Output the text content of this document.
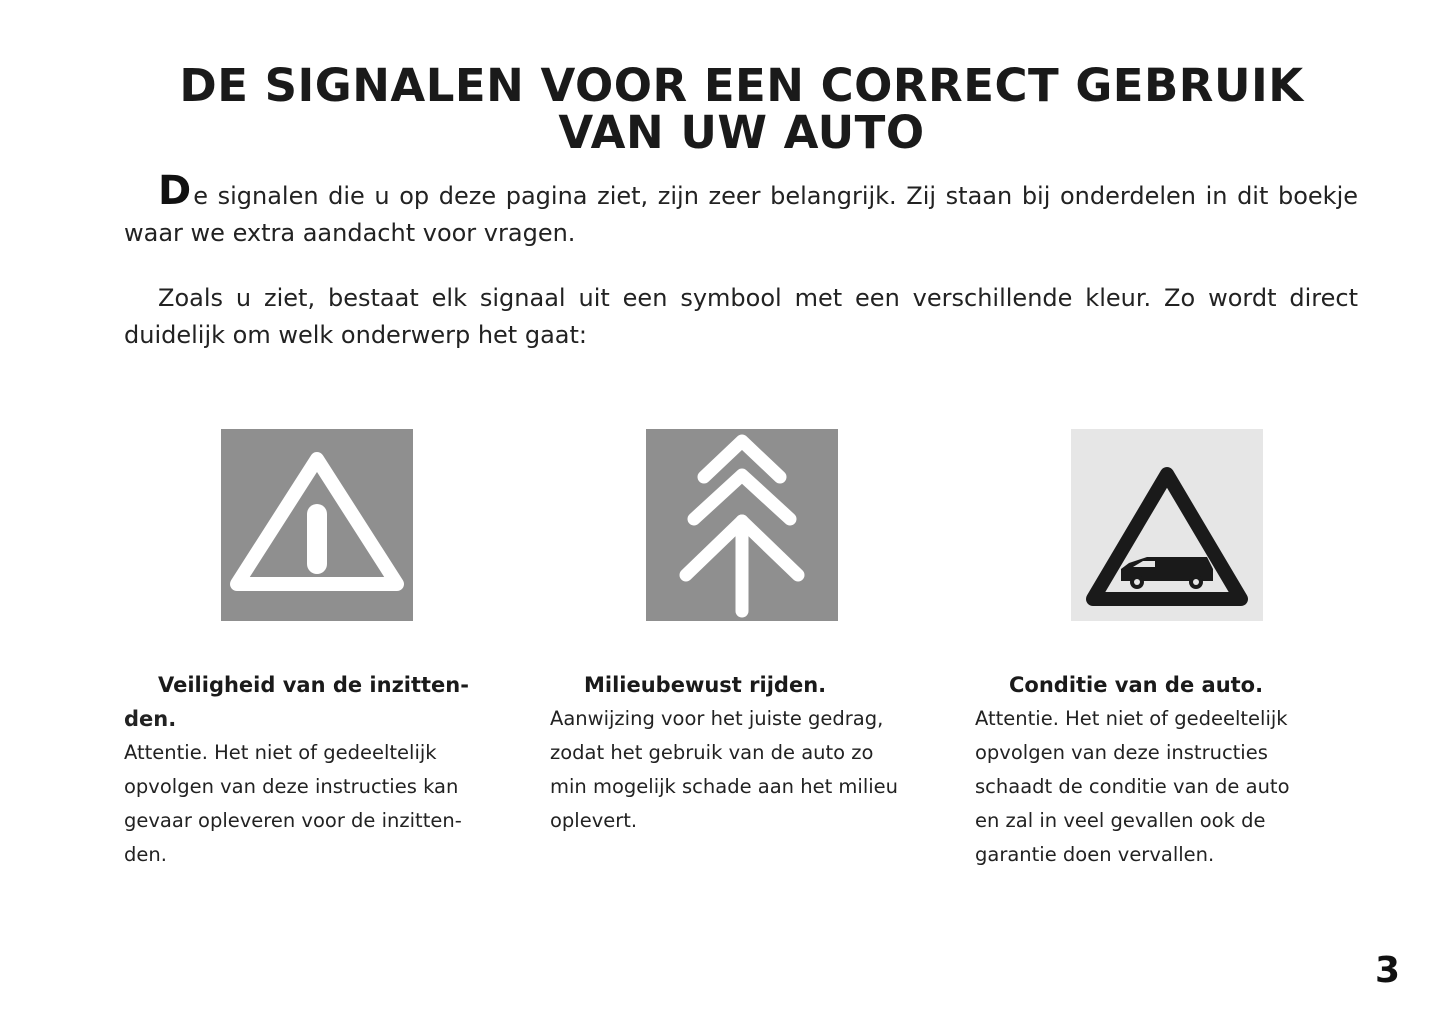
DE SIGNALEN VOOR EEN CORRECT GEBRUIK
VAN UW AUTO

De signalen die u op deze pagina ziet, zijn zeer belangrijk. Zij staan bij onderdelen in dit boekje waar we extra aandacht voor vragen.

Zoals u ziet, bestaat elk signaal uit een symbool met een verschillende kleur. Zo wordt direct duidelijk om welk onderwerp het gaat:

Veiligheid van de inzitten-

den.
Attentie. Het niet of gedeeltelijk
opvolgen van deze instructies kan
gevaar opleveren voor de inzitten-
den.

Milieubewust rijden.

Aanwijzing voor het juiste gedrag,
zodat het gebruik van de auto zo
min mogelijk schade aan het milieu
oplevert.

Conditie van de auto.

Attentie. Het niet of gedeeltelijk
opvolgen van deze instructies
schaadt de conditie van de auto
en zal in veel gevallen ook de
garantie doen vervallen.
3
